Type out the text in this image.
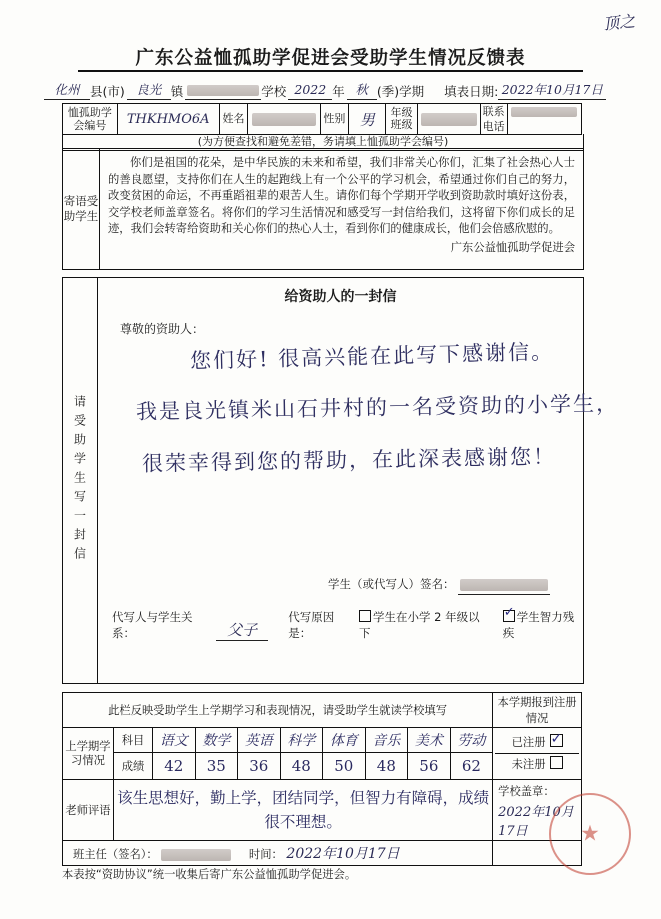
顶之
广东公益恤孤助学促进会受助学生情况反馈表
化州 县(市) 良光 镇	学校 2022 年 秋 (季)学期 填表日期: 2022年10月17日
恤孤助学会编号	THKHMO6A	姓名		性别	男	年级班级		联系	
								电话	
(为方便查找和避免差错，务请填上恤孤助学会编号)
寄语受助学生
你们是祖国的花朵，是中华民族的未来和希望，我们非常关心你们，汇集了社会热心人士的善良愿望，支持你们在人生的起跑线上有一个公平的学习机会，希望通过你们自己的努力，改变贫困的命运，不再重蹈祖辈的艰苦人生。请你们每个学期开学收到资助款时填好这份表，交学校老师盖章签名。将你们的学习生活情况和感受写一封信给我们，这将留下你们成长的足迹，我们会转寄给资助和关心你们的热心人士，看到你们的健康成长，他们会倍感欣慰的。
广东公益恤孤助学促进会
请受助学生写一封信
给资助人的一封信
尊敬的资助人：
您们好! 很高兴能在此写下感谢信。
我是良光镇米山石井村的一名受资助的小学生，
很荣幸得到您的帮助，在此深表感谢您！
学生（或代写人）签名：
代写人与学生关系：	父子
代写原因是：
学生在小学 2 年级以下
✓学生智力残疾
此栏反映受助学生上学期学习和表现情况，请受助学生就读学校填写										本学期报到注册情况

上学期学习情况	科目	语文	数学	英语	科学	体育	音乐	美术	劳动	已注册✓
未注册

	成绩	42	35	36	48	50	48	56	62	
老师评语	该生思想好，勤上学，团结同学，但智力有障碍，成绩很不理想。									学校盖章：
2022年10月17日

班主任（签名）： 时间： 2022年10月17日										
★
本表按“资助协议”统一收集后寄广东公益恤孤助学促进会。
